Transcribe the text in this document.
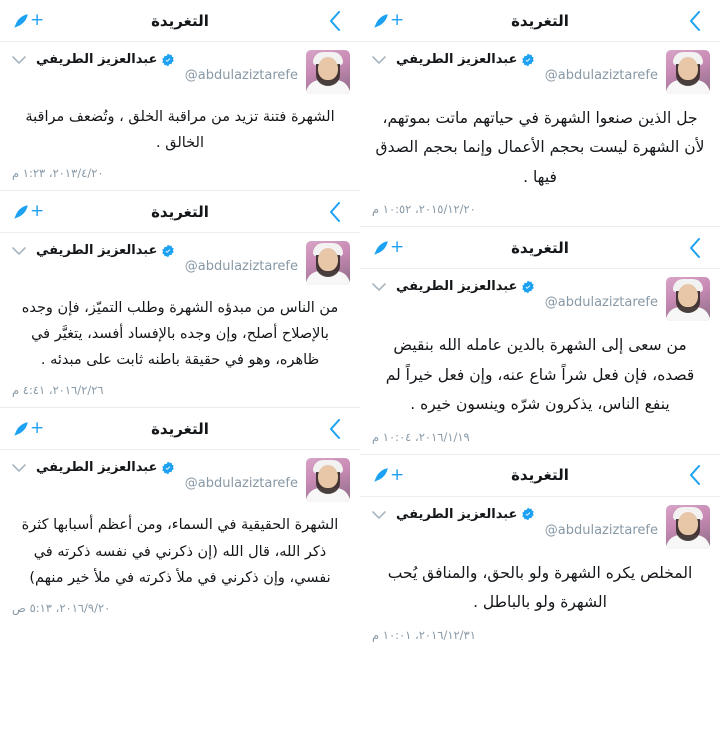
التغريدة
+
عبدالعزيز الطريفي
@abdulaziztarefe
جل الذين صنعوا الشهرة في حياتهم ماتت بموتهم، لأن الشهرة ليست بحجم الأعمال وإنما بحجم الصدق فيها .
٢٠١٥/١٢/٢٠، ١٠:٥٢ م
التغريدة
+
عبدالعزيز الطريفي
@abdulaziztarefe
من سعى إلى الشهرة بالدين عامله الله بنقيض قصده، فإن فعل شراً شاع عنه، وإن فعل خيراً لم ينفع الناس، يذكرون شرّه وينسون خيره .
٢٠١٦/١/١٩، ١٠:٠٤ م
التغريدة
+
عبدالعزيز الطريفي
@abdulaziztarefe
المخلص يكره الشهرة ولو بالحق، والمنافق يُحب الشهرة ولو بالباطل .
٢٠١٦/١٢/٣١، ١٠:٠١ م
التغريدة
+
عبدالعزيز الطريفي
@abdulaziztarefe
الشهرة فتنة تزيد من مراقبة الخلق ، وتُضعف مراقبة الخالق .
٢٠١٣/٤/٢٠، ١:٢٣ م
التغريدة
+
عبدالعزيز الطريفي
@abdulaziztarefe
من الناس من مبدؤه الشهرة وطلب التميّز، فإن وجده بالإصلاح أصلح، وإن وجده بالإفساد أفسد، يتغيَّر في ظاهره، وهو في حقيقة باطنه ثابت على مبدئه .
٢٠١٦/٢/٢٦، ٤:٤١ م
التغريدة
+
عبدالعزيز الطريفي
@abdulaziztarefe
الشهرة الحقيقية في السماء، ومن أعظم أسبابها كثرة ذكر الله، قال الله (إن ذكرني في نفسه ذكرته في نفسي، وإن ذكرني في ملأ ذكرته في ملأ خير منهم)
٢٠١٦/٩/٢٠، ٥:١٣ ص
